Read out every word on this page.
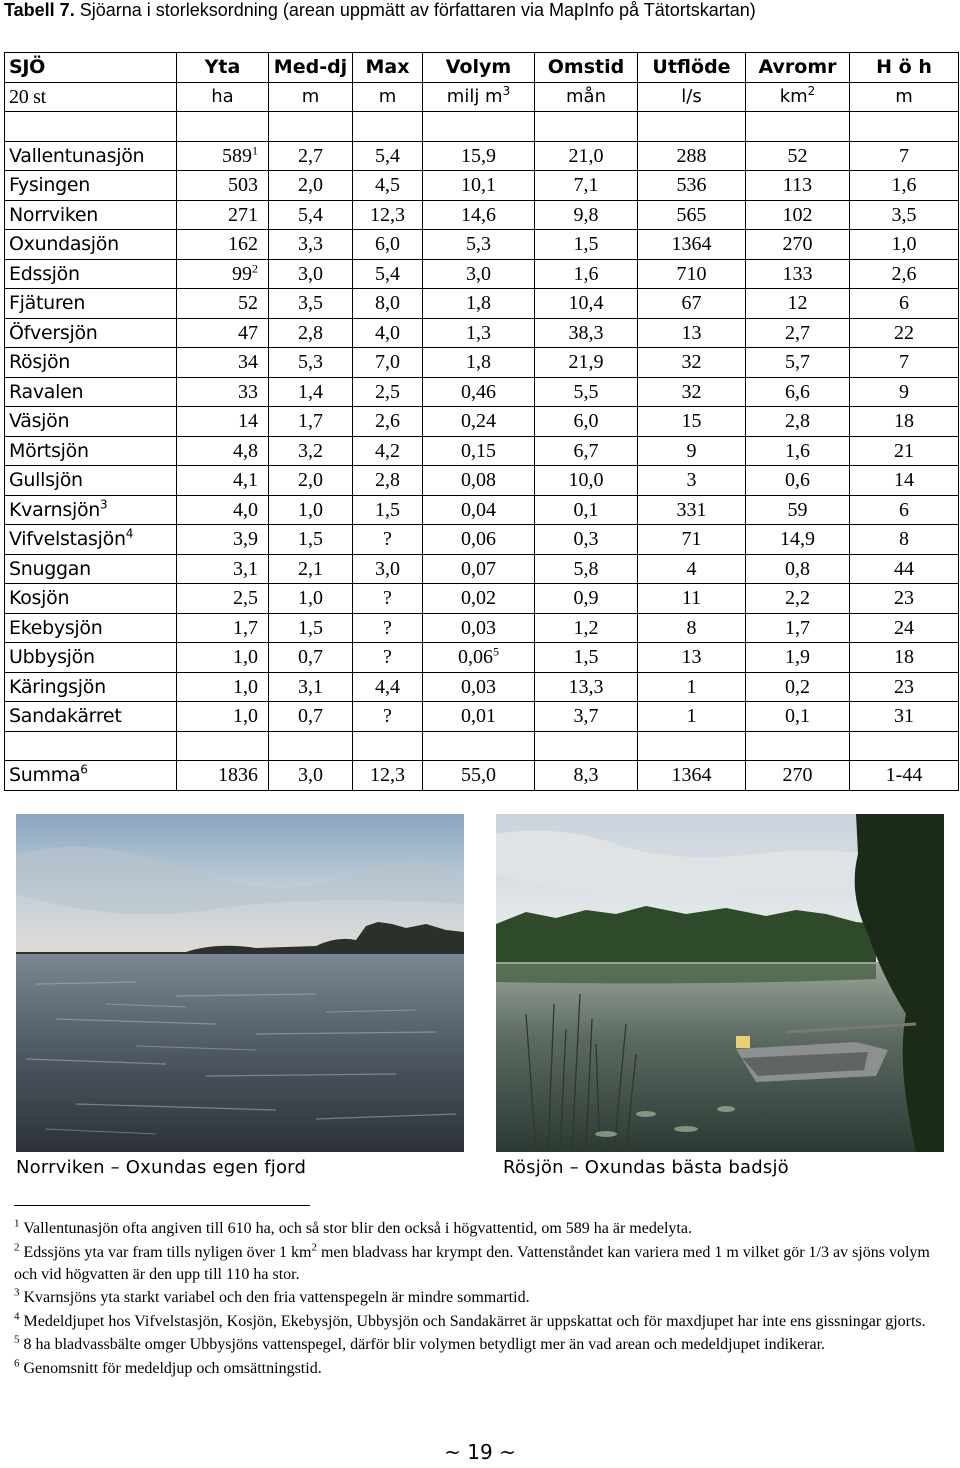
Tabell 7. Sjöarna i storleksordning (arean uppmätt av författaren via MapInfo på Tätortskartan)
SJÖ	Yta	Med-dj	Max	Volym	Omstid	Utflöde	Avromr	H ö h
20 st	ha	m	m	milj $m^3$	mån	l/s	$km^2$	m

Vallentunasjön	$589^1$	2,7	5,4	15,9	21,0	288	52	7
Fysingen	503	2,0	4,5	10,1	7,1	536	113	1,6
Norrviken	271	5,4	12,3	14,6	9,8	565	102	3,5
Oxundasjön	162	3,3	6,0	5,3	1,5	1364	270	1,0
Edssjön	$99^2$	3,0	5,4	3,0	1,6	710	133	2,6
Fjäturen	52	3,5	8,0	1,8	10,4	67	12	6
Öfversjön	47	2,8	4,0	1,3	38,3	13	2,7	22
Rösjön	34	5,3	7,0	1,8	21,9	32	5,7	7
Ravalen	33	1,4	2,5	0,46	5,5	32	6,6	9
Väsjön	14	1,7	2,6	0,24	6,0	15	2,8	18
Mörtsjön	4,8	3,2	4,2	0,15	6,7	9	1,6	21
Gullsjön	4,1	2,0	2,8	0,08	10,0	3	0,6	14
Kvarnsjön$^3$	4,0	1,0	1,5	0,04	0,1	331	59	6
Vifvelstasjön$^4$	3,9	1,5	?	0,06	0,3	71	14,9	8
Snuggan	3,1	2,1	3,0	0,07	5,8	4	0,8	44
Kosjön	2,5	1,0	?	0,02	0,9	11	2,2	23
Ekebysjön	1,7	1,5	?	0,03	1,2	8	1,7	24
Ubbysjön	1,0	0,7	?	0,06$^5$	1,5	13	1,9	18
Käringsjön	1,0	3,1	4,4	0,03	13,3	1	0,2	23
Sandakärret	1,0	0,7	?	0,01	3,7	1	0,1	31

Summa$^6$	1836	3,0	12,3	55,0	8,3	1364	270	1-44
Norrviken – Oxundas egen fjord	Rösjön – Oxundas bästa badsjö

$^1$ Vallentunasjön ofta angiven till 610 ha, och så stor blir den också i högvattentid, om 589 ha är medelyta.

$^2$ Edssjöns yta var fram tills nyligen över 1 $km^2$ men bladvass har krympt den. Vattenståndet kan variera med 1 m vilket gör 1/3 av sjöns volym och vid högvatten är den upp till 110 ha stor.

$^3$ Kvarnsjöns yta starkt variabel och den fria vattenspegeln är mindre sommartid.

$^4$ Medeldjupet hos Vifvelstasjön, Kosjön, Ekebysjön, Ubbysjön och Sandakärret är uppskattat och för maxdjupet har inte ens gissningar gjorts.

$^5$ 8 ha bladvassbälte omger Ubbysjöns vattenspegel, därför blir volymen betydligt mer än vad arean och medeldjupet indikerar.

$^6$ Genomsnitt för medeldjup och omsättningstid.

~ 19 ~
